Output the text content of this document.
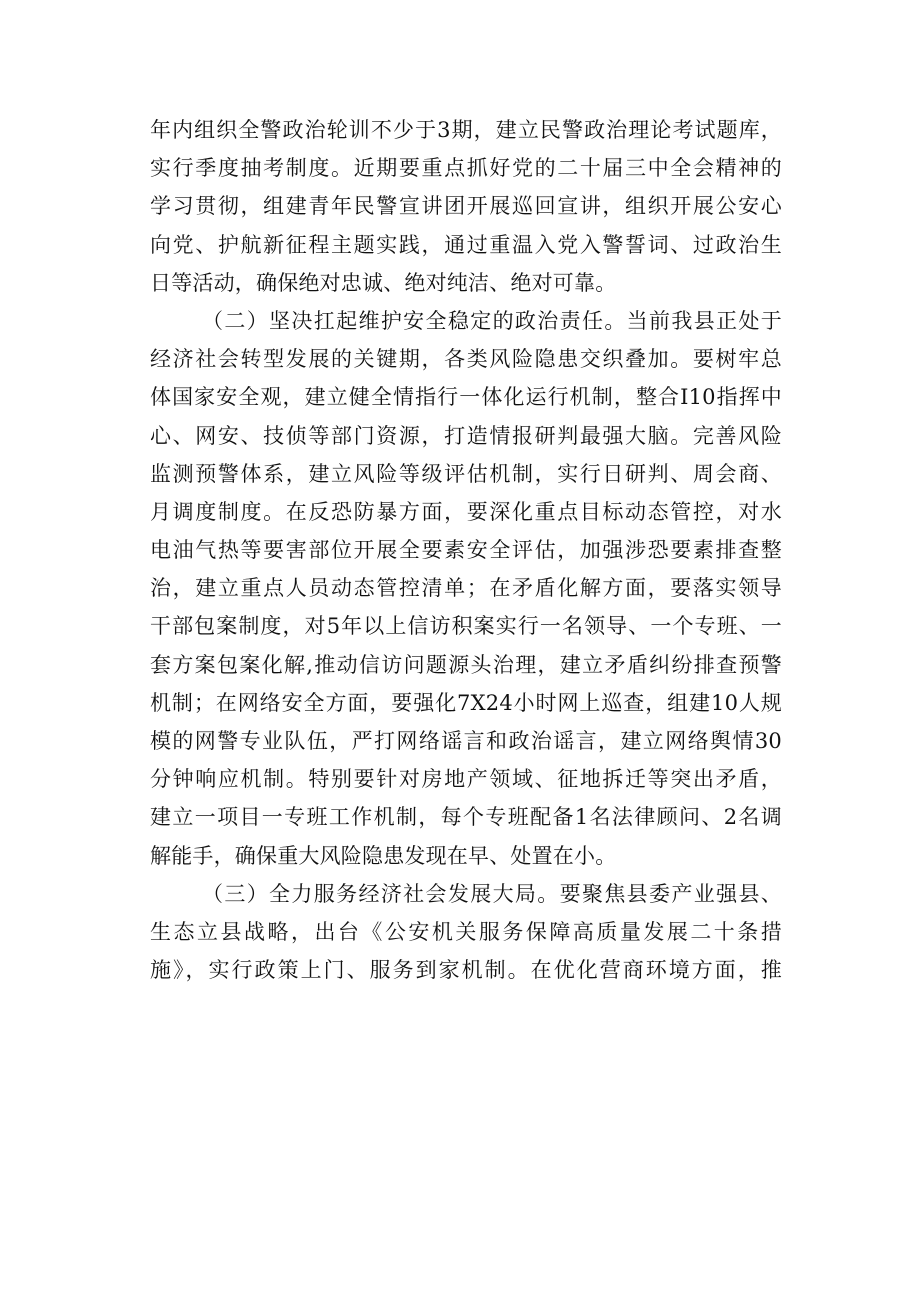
年内组织全警政治轮训不少于3期，建立民警政治理论考试题库，
实行季度抽考制度。近期要重点抓好党的二十届三中全会精神的
学习贯彻，组建青年民警宣讲团开展巡回宣讲，组织开展公安心
向党、护航新征程主题实践，通过重温入党入警誓词、过政治生
日等活动，确保绝对忠诚、绝对纯洁、绝对可靠。
（二）坚决扛起维护安全稳定的政治责任。当前我县正处于
经济社会转型发展的关键期，各类风险隐患交织叠加。要树牢总
体国家安全观，建立健全情指行一体化运行机制，整合I10指挥中
心、网安、技侦等部门资源，打造情报研判最强大脑。完善风险
监测预警体系，建立风险等级评估机制，实行日研判、周会商、
月调度制度。在反恐防暴方面，要深化重点目标动态管控，对水
电油气热等要害部位开展全要素安全评估，加强涉恐要素排查整
治，建立重点人员动态管控清单；在矛盾化解方面，要落实领导
干部包案制度，对5年以上信访积案实行一名领导、一个专班、一
套方案包案化解,推动信访问题源头治理，建立矛盾纠纷排查预警
机制；在网络安全方面，要强化7X24小时网上巡查，组建10人规
模的网警专业队伍，严打网络谣言和政治谣言，建立网络舆情30
分钟响应机制。特别要针对房地产领域、征地拆迁等突出矛盾，
建立一项目一专班工作机制，每个专班配备1名法律顾问、2名调
解能手，确保重大风险隐患发现在早、处置在小。
（三）全力服务经济社会发展大局。要聚焦县委产业强县、
生态立县战略，出台《公安机关服务保障高质量发展二十条措
施》，实行政策上门、服务到家机制。在优化营商环境方面，推
